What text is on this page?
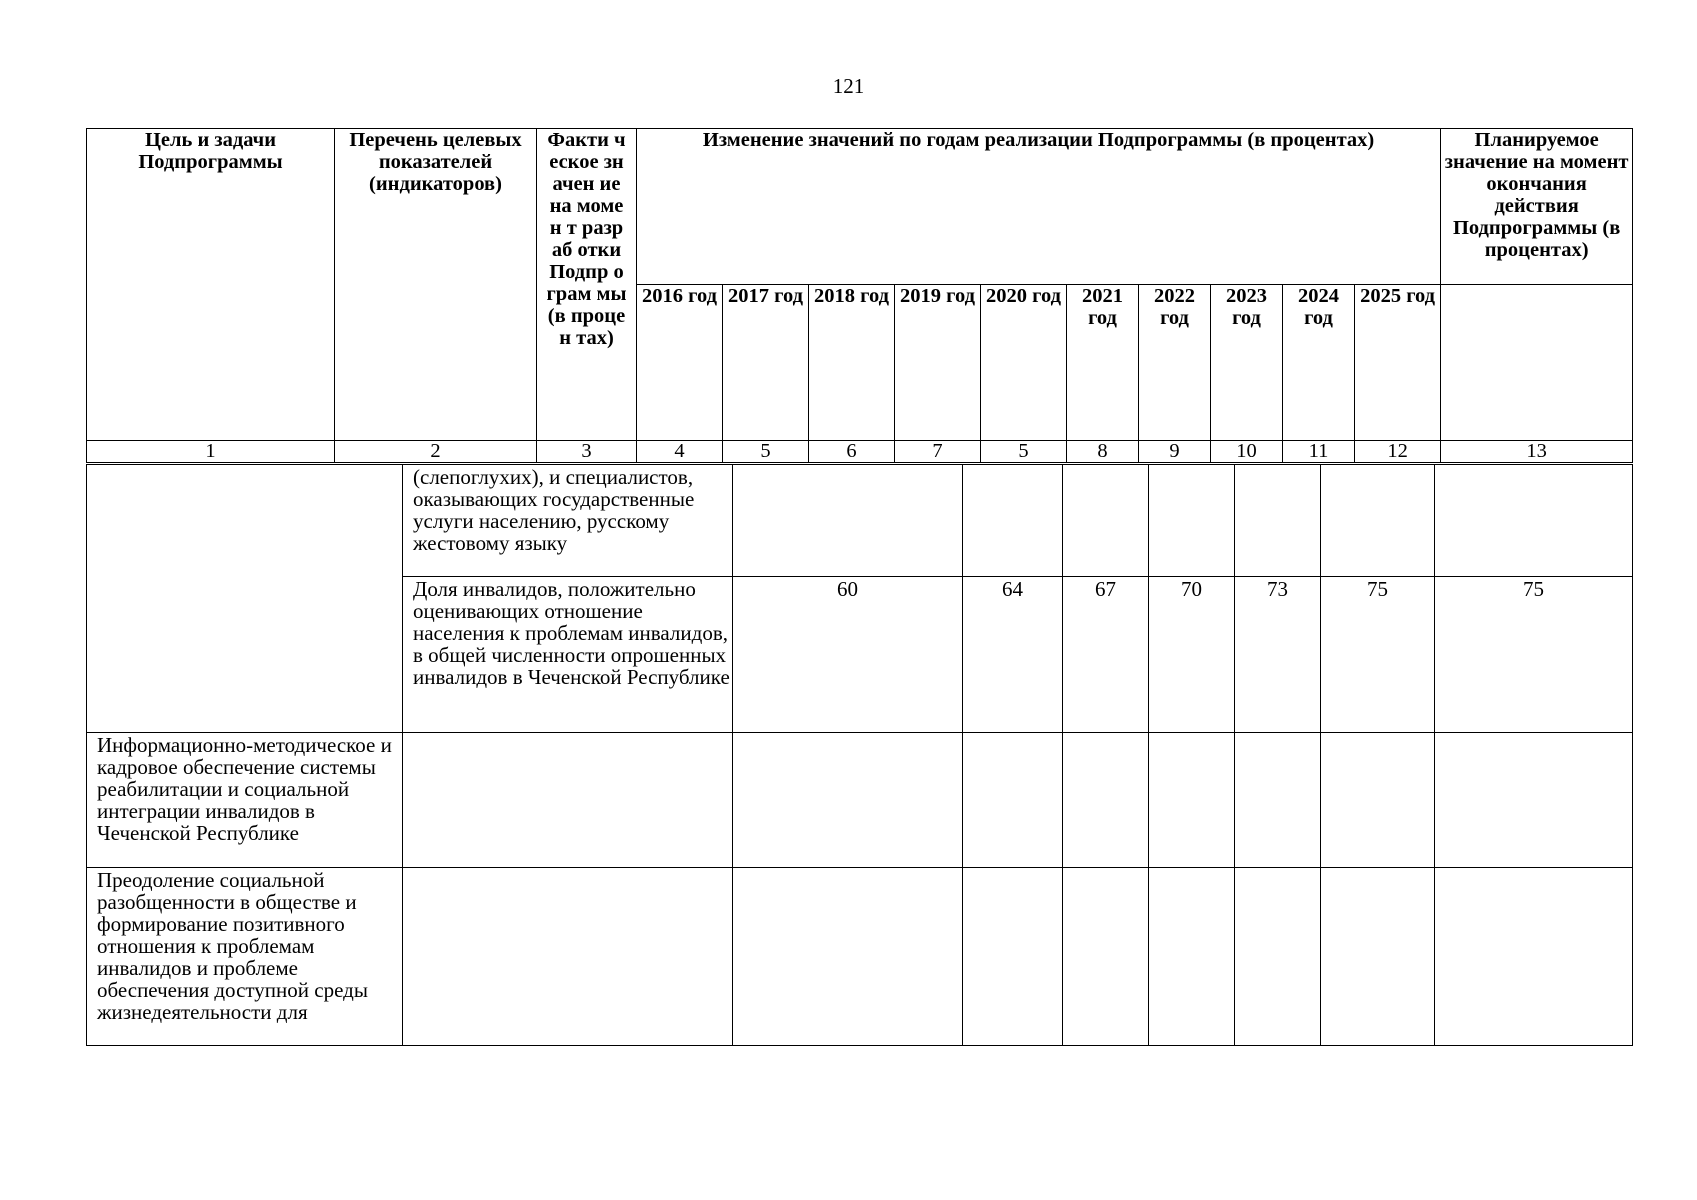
121
Цель и задачи Подпрограммы	Перечень целевых показателей (индикаторов)	Факти ческое значен ие на момен т разраб отки Подпр ограм мы (в процен тах)	Изменение значений по годам реализации Подпрограммы (в процентах)										Планируемое значение на момент окончания действия Подпрограммы (в процентах)
			2016 год	2017 год	2018 год	2019 год	2020 год	2021 год	2022 год	2023 год	2024 год	2025 год	
1	2	3	4	5	6	7	5	8	9	10	11	12	13
	(слепоглухих), и специалистов, оказывающих государственные услуги населению, русскому жестовому языку							
	Доля инвалидов, положительно оценивающих отношение населения к проблемам инвалидов, в общей численности опрошенных инвалидов в Чеченской Республике	60	64	67	70	73	75	75
Информационно-методическое и кадровое обеспечение системы реабилитации и социальной интеграции инвалидов в Чеченской Республике								
Преодоление социальной разобщенности в обществе и формирование позитивного отношения к проблемам инвалидов и проблеме обеспечения доступной среды жизнедеятельности для								
